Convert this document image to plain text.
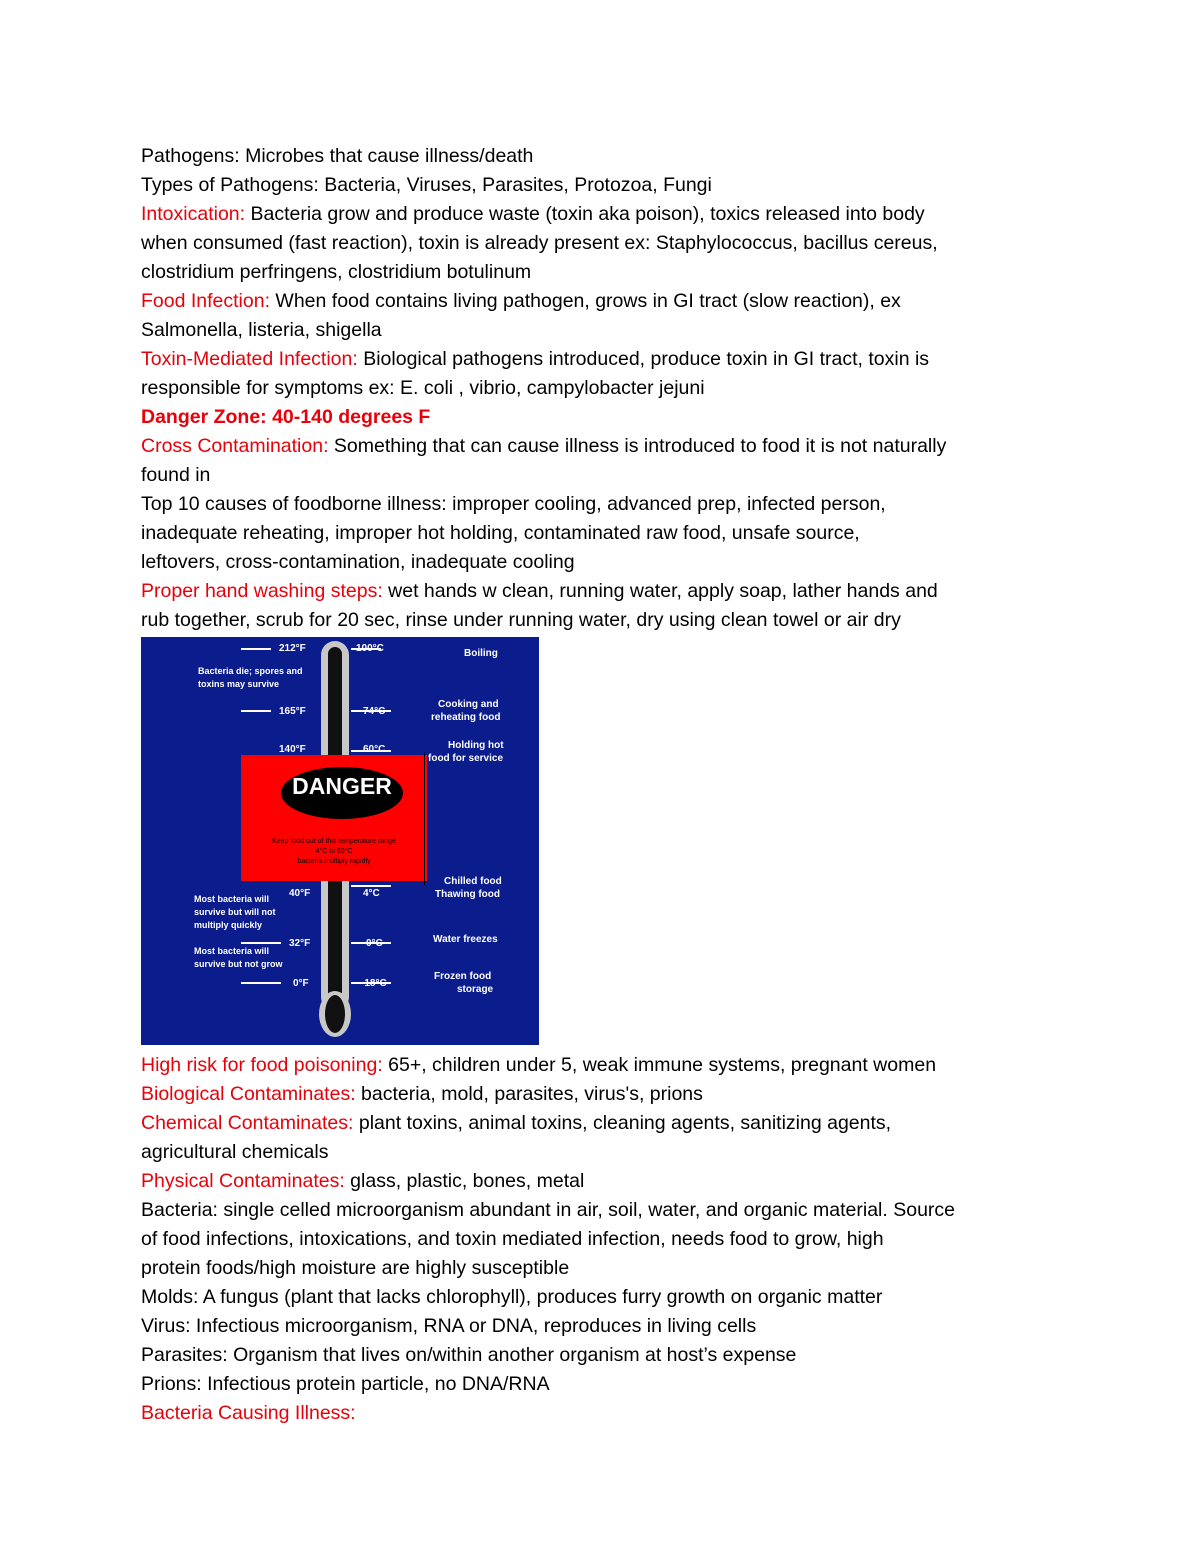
Pathogens: Microbes that cause illness/death
Types of Pathogens: Bacteria, Viruses, Parasites, Protozoa, Fungi
Intoxication: Bacteria grow and produce waste (toxin aka poison), toxics released into body
when consumed (fast reaction), toxin is already present ex: Staphylococcus, bacillus cereus,
clostridium perfringens, clostridium botulinum
Food Infection: When food contains living pathogen, grows in GI tract (slow reaction), ex
Salmonella, listeria, shigella
Toxin-Mediated Infection: Biological pathogens introduced, produce toxin in GI tract, toxin is
responsible for symptoms ex: E. coli , vibrio, campylobacter jejuni
Danger Zone: 40-140 degrees F
Cross Contamination: Something that can cause illness is introduced to food it is not naturally
found in
Top 10 causes of foodborne illness: improper cooling, advanced prep, infected person,
inadequate reheating, improper hot holding, contaminated raw food, unsafe source,
leftovers, cross-contamination, inadequate cooling
Proper hand washing steps: wet hands w clean, running water, apply soap, lather hands and
rub together, scrub for 20 sec, rinse under running water, dry using clean towel or air dry
DANGER
ZONE
Keep food out of this temperature range
4°C to 60°C
bacteria multiply rapidly
212°F	100°C	Boiling
Bacteria die; spores and
toxins may survive
165°F	74°C
Cooking and
reheating food
140°F	60°C	Holding hot
food for service
Chilled food
Thawing food
40°F	4°C
Most bacteria will
survive but will not
multiply quickly
32°F	0°C	Water freezes
Most bacteria will
survive but not grow
0°F	-18°C
Frozen food
storage
High risk for food poisoning: 65+, children under 5, weak immune systems, pregnant women
Biological Contaminates: bacteria, mold, parasites, virus's, prions
Chemical Contaminates: plant toxins, animal toxins, cleaning agents, sanitizing agents,
agricultural chemicals
Physical Contaminates: glass, plastic, bones, metal
Bacteria: single celled microorganism abundant in air, soil, water, and organic material. Source
of food infections, intoxications, and toxin mediated infection, needs food to grow, high
protein foods/high moisture are highly susceptible
Molds: A fungus (plant that lacks chlorophyll), produces furry growth on organic matter
Virus: Infectious microorganism, RNA or DNA, reproduces in living cells
Parasites: Organism that lives on/within another organism at host’s expense
Prions: Infectious protein particle, no DNA/RNA
Bacteria Causing Illness:
